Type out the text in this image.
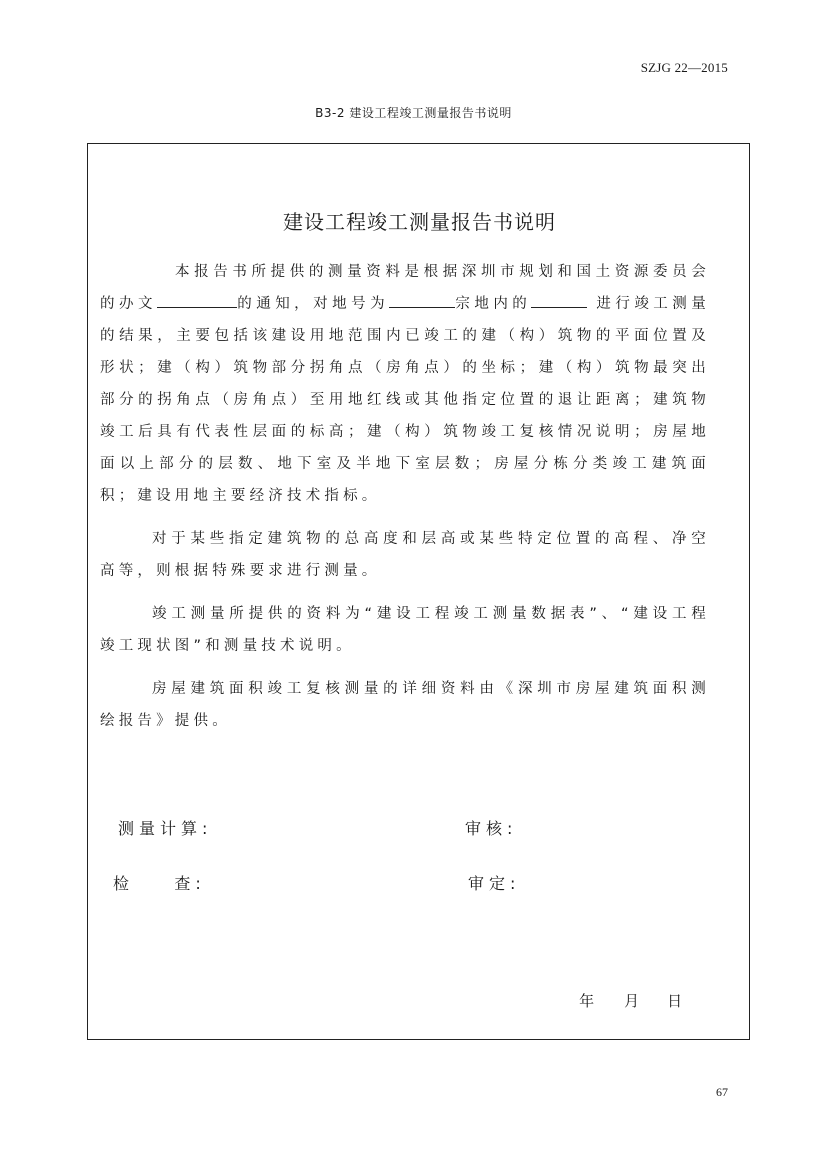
SZJG 22—2015
B3-2 建设工程竣工测量报告书说明
建设工程竣工测量报告书说明

本报告书所提供的测量资料是根据深圳市规划和国土资源委员会的办文	的通知，对地号为	宗地内的	进行竣工测量的结果，主要包括该建设用地范围内已竣工的建（构）筑物的平面位置及形状；建（构）筑物部分拐角点（房角点）的坐标；建（构）筑物最突出部分的拐角点（房角点）至用地红线或其他指定位置的退让距离；建筑物竣工后具有代表性层面的标高；建（构）筑物竣工复核情况说明；房屋地面以上部分的层数、地下室及半地下室层数；房屋分栋分类竣工建筑面积；建设用地主要经济技术指标。

对于某些指定建筑物的总高度和层高或某些特定位置的高程、净空高等，则根据特殊要求进行测量。

竣工测量所提供的资料为“建设工程竣工测量数据表”、“建设工程竣工现状图”和测量技术说明。

房屋建筑面积竣工复核测量的详细资料由《深圳市房屋建筑面积测绘报告》提供。

测量计算:	审核:
检    查:	审定:

年 月 日

67
